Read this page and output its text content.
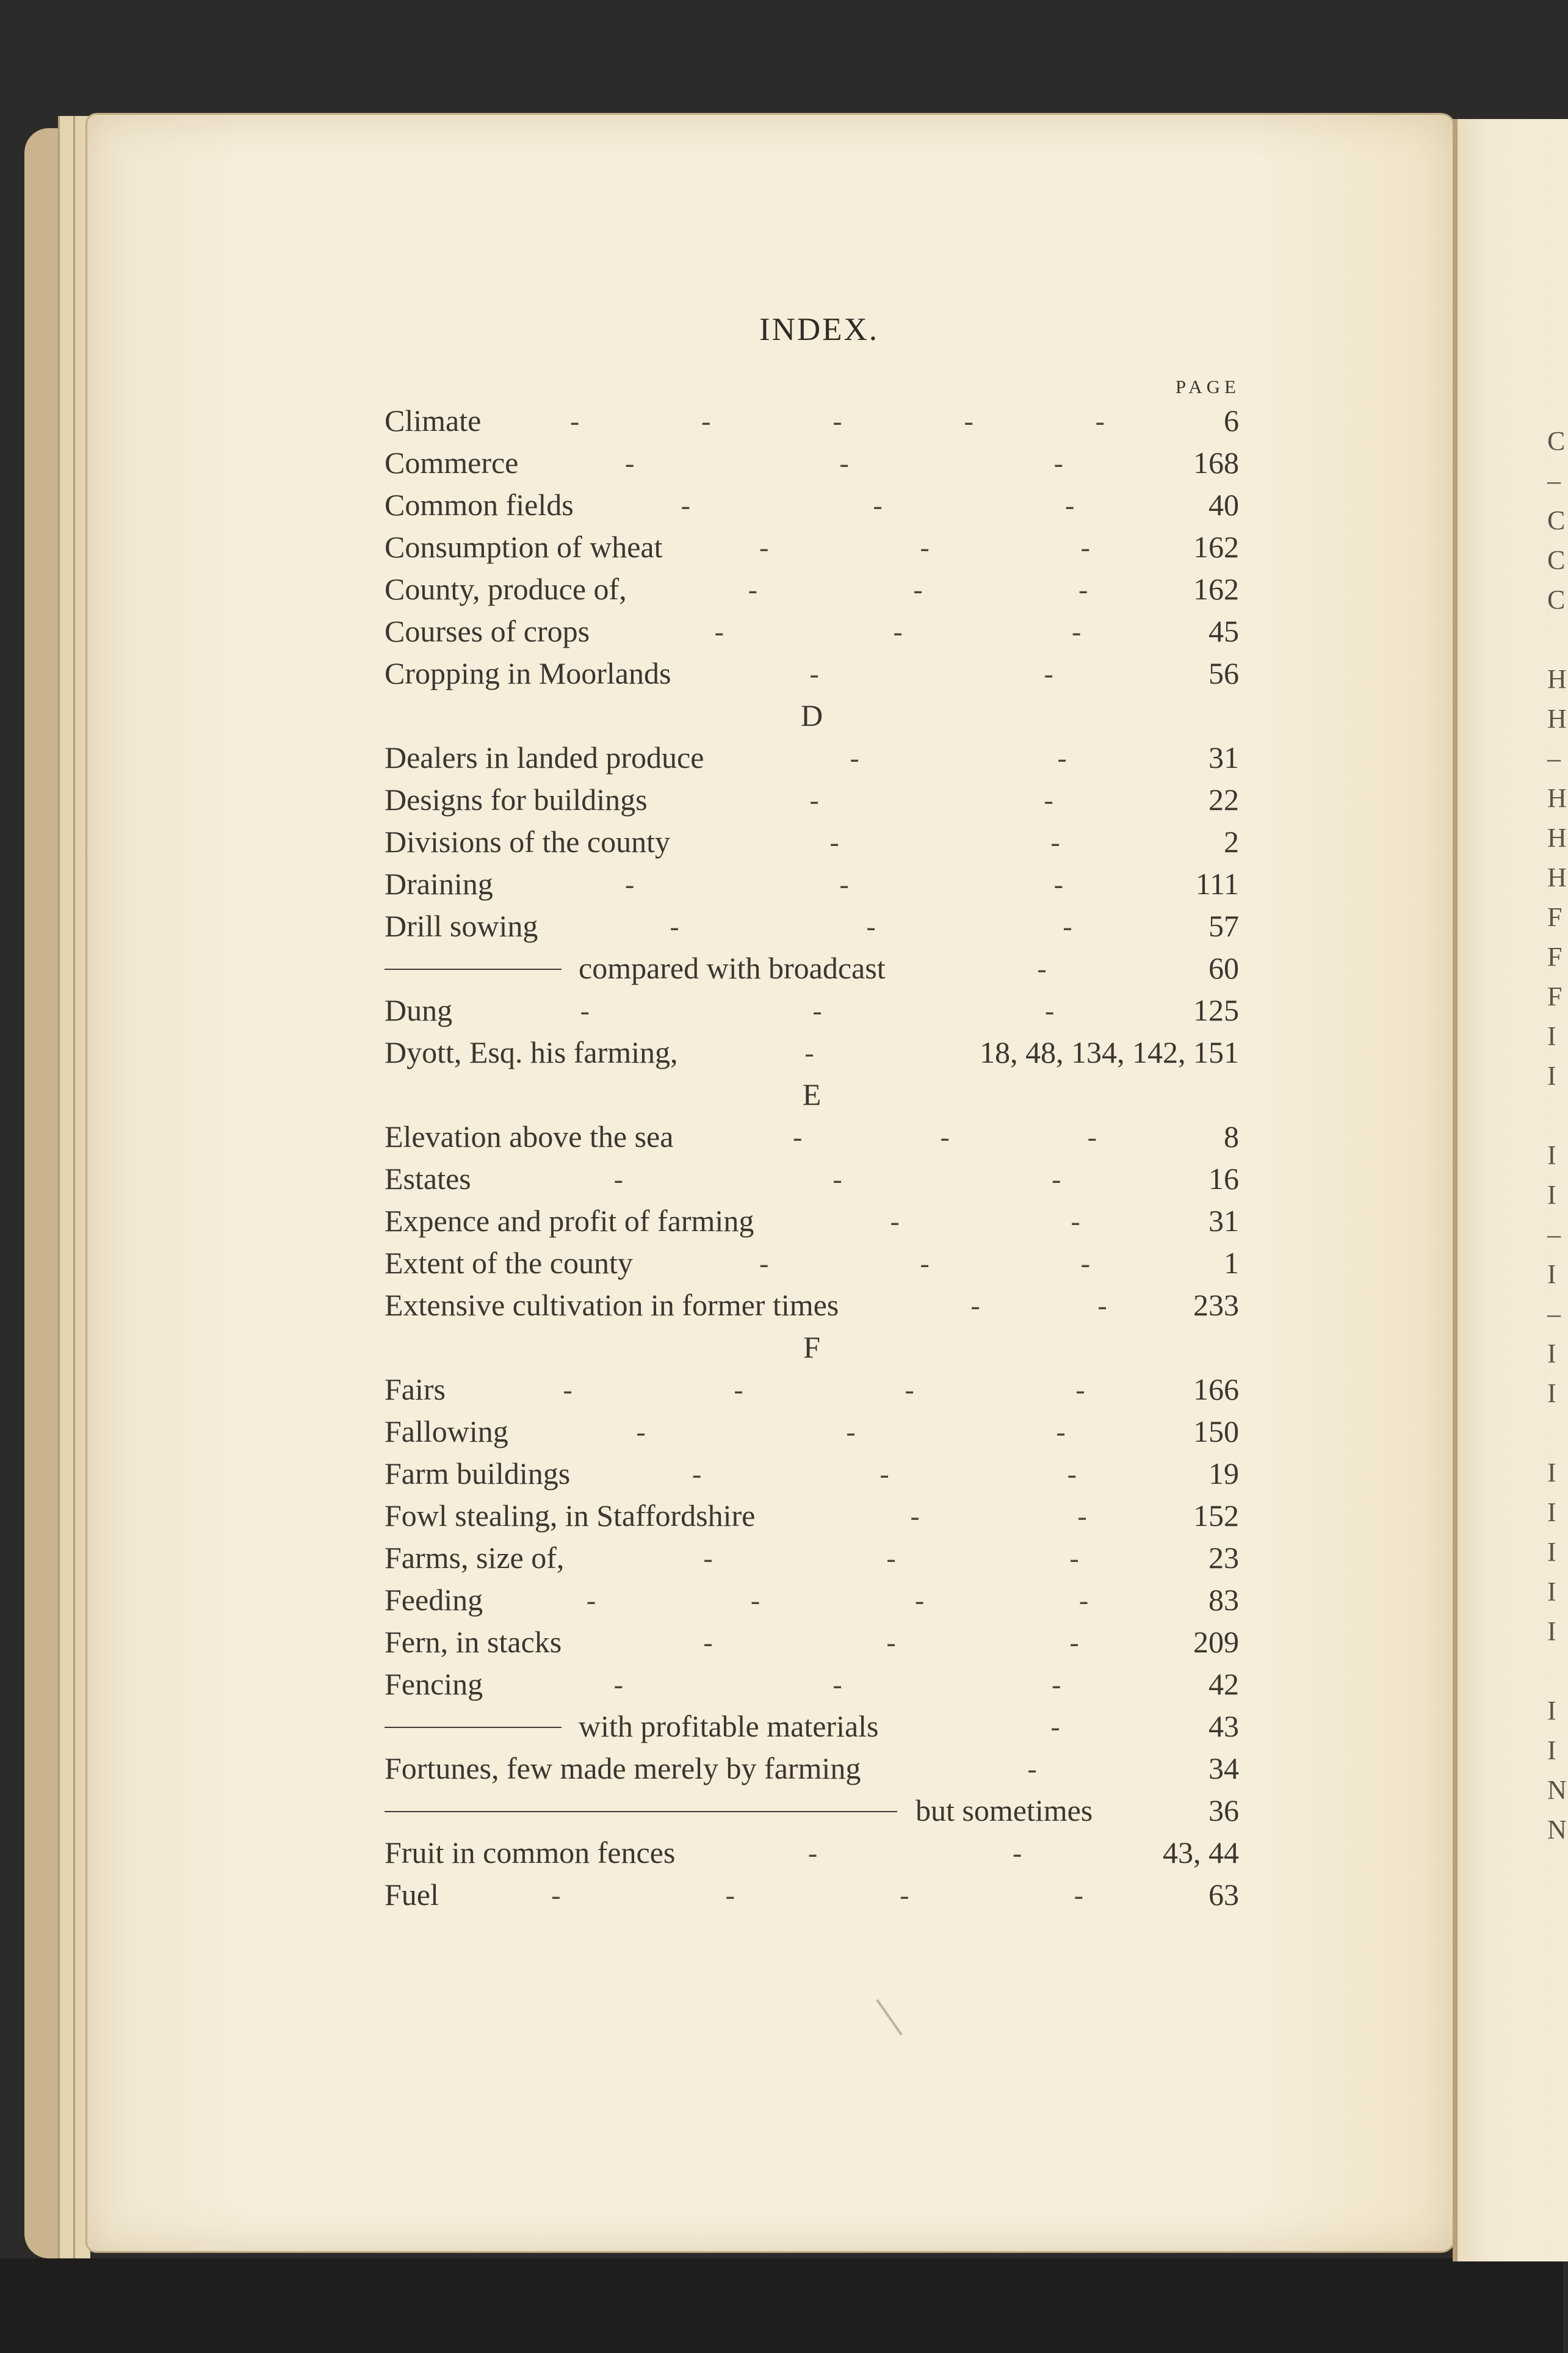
C
–
C
C
C
H
H
–
H
H
H
F
F
F
I
I
I
I
–
I
–
I
I
I
I
I
I
I
I
I
N
N
INDEX.
PAGE
Climate	-	-	-	-	-	6
Commerce	-	-	-	168
Common fields	-	-	-	40
Consumption of wheat	-	-	-	162
County, produce of,	-	-	-	162
Courses of crops	-	-	-	45
Cropping in Moorlands	-	-	56
D
Dealers in landed produce	-	-	31
Designs for buildings	-	-	22
Divisions of the county	-	-	2
Draining	-	-	-	111
Drill sowing	-	-	-	57
compared with broadcast	-	60
Dung	-	-	-	125
Dyott, Esq. his farming,	-	18, 48, 134, 142, 151
E
Elevation above the sea	-	-	-	8
Estates	-	-	-	16
Expence and profit of farming	-	-	31
Extent of the county	-	-	-	1
Extensive cultivation in former times	-	-	233
F
Fairs	-	-	-	-	166
Fallowing	-	-	-	150
Farm buildings	-	-	-	19
Fowl stealing, in Staffordshire	-	-	152
Farms, size of,	-	-	-	23
Feeding	-	-	-	-	83
Fern, in stacks	-	-	-	209
Fencing	-	-	-	42
with profitable materials	-	43
Fortunes, few made merely by farming	-	34
but sometimes	36
Fruit in common fences	-	-	43, 44
Fuel	-	-	-	-	63
